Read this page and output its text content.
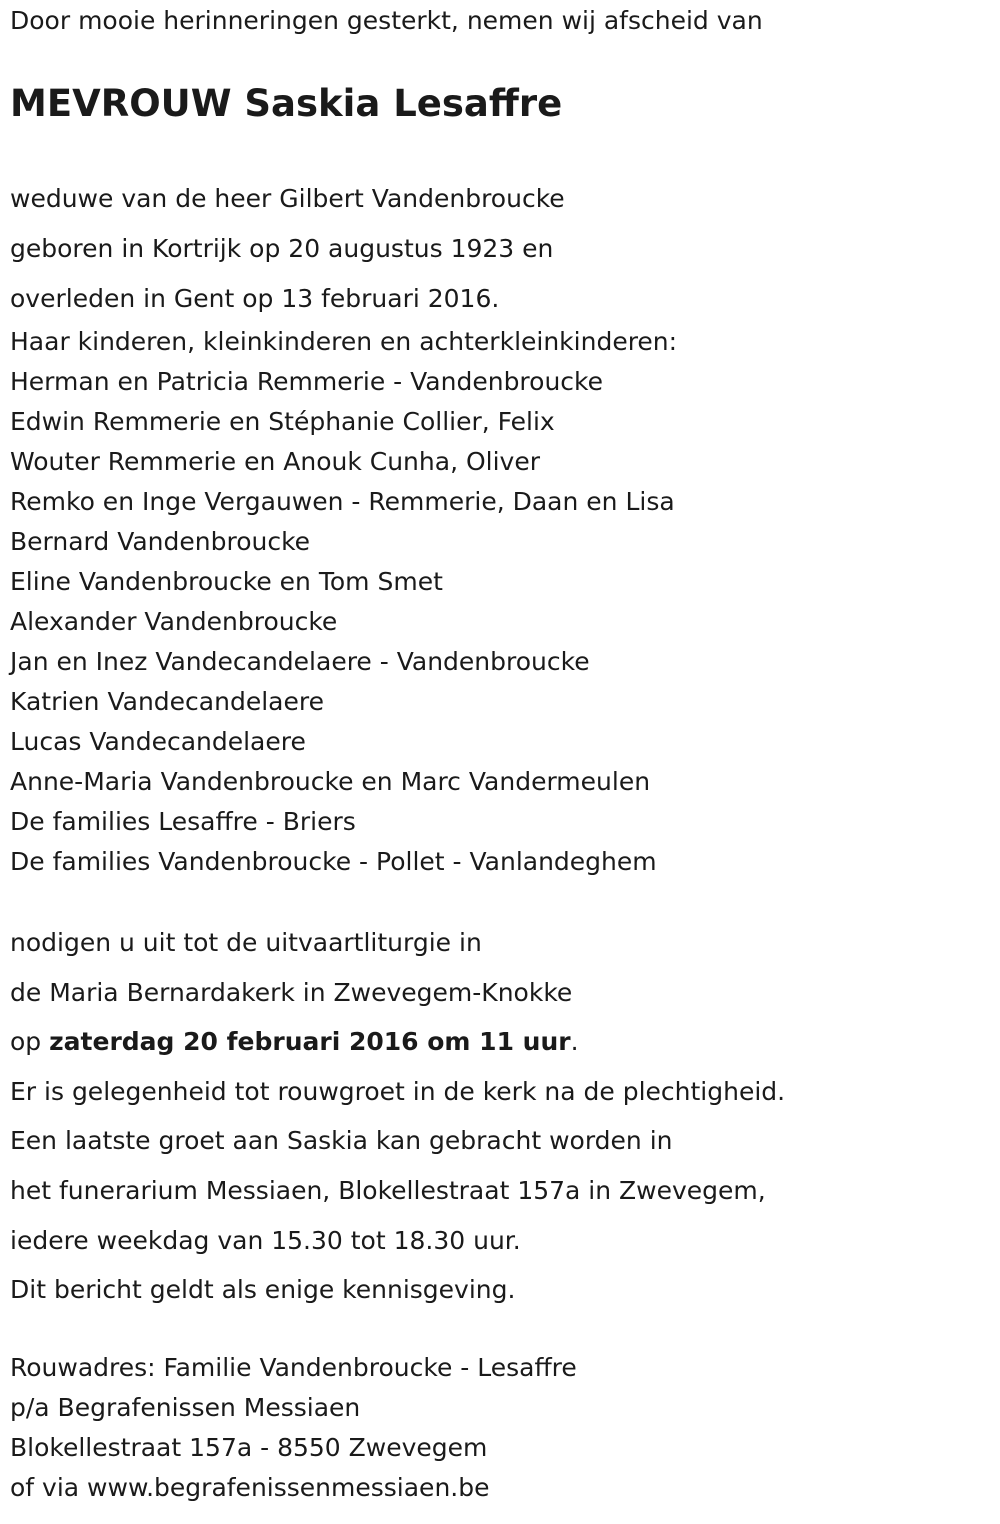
Door mooie herinneringen gesterkt, nemen wij afscheid van

MEVROUW Saskia Lesaffre
weduwe van de heer Gilbert Vandenbroucke
geboren in Kortrijk op 20 augustus 1923 en
overleden in Gent op 13 februari 2016.
Haar kinderen, kleinkinderen en achterkleinkinderen:
Herman en Patricia Remmerie - Vandenbroucke
Edwin Remmerie en Stéphanie Collier, Felix
Wouter Remmerie en Anouk Cunha, Oliver
Remko en Inge Vergauwen - Remmerie, Daan en Lisa
Bernard Vandenbroucke
Eline Vandenbroucke en Tom Smet
Alexander Vandenbroucke
Jan en Inez Vandecandelaere - Vandenbroucke
Katrien Vandecandelaere
Lucas Vandecandelaere
Anne-Maria Vandenbroucke en Marc Vandermeulen
De families Lesaffre - Briers
De families Vandenbroucke - Pollet - Vanlandeghem
nodigen u uit tot de uitvaartliturgie in
de Maria Bernardakerk in Zwevegem-Knokke
op zaterdag 20 februari 2016 om 11 uur.
Er is gelegenheid tot rouwgroet in de kerk na de plechtigheid.
Een laatste groet aan Saskia kan gebracht worden in
het funerarium Messiaen, Blokellestraat 157a in Zwevegem,
iedere weekdag van 15.30 tot 18.30 uur.
Dit bericht geldt als enige kennisgeving.
Rouwadres: Familie Vandenbroucke - Lesaffre
p/a Begrafenissen Messiaen
Blokellestraat 157a - 8550 Zwevegem
of via www.begrafenissenmessiaen.be
